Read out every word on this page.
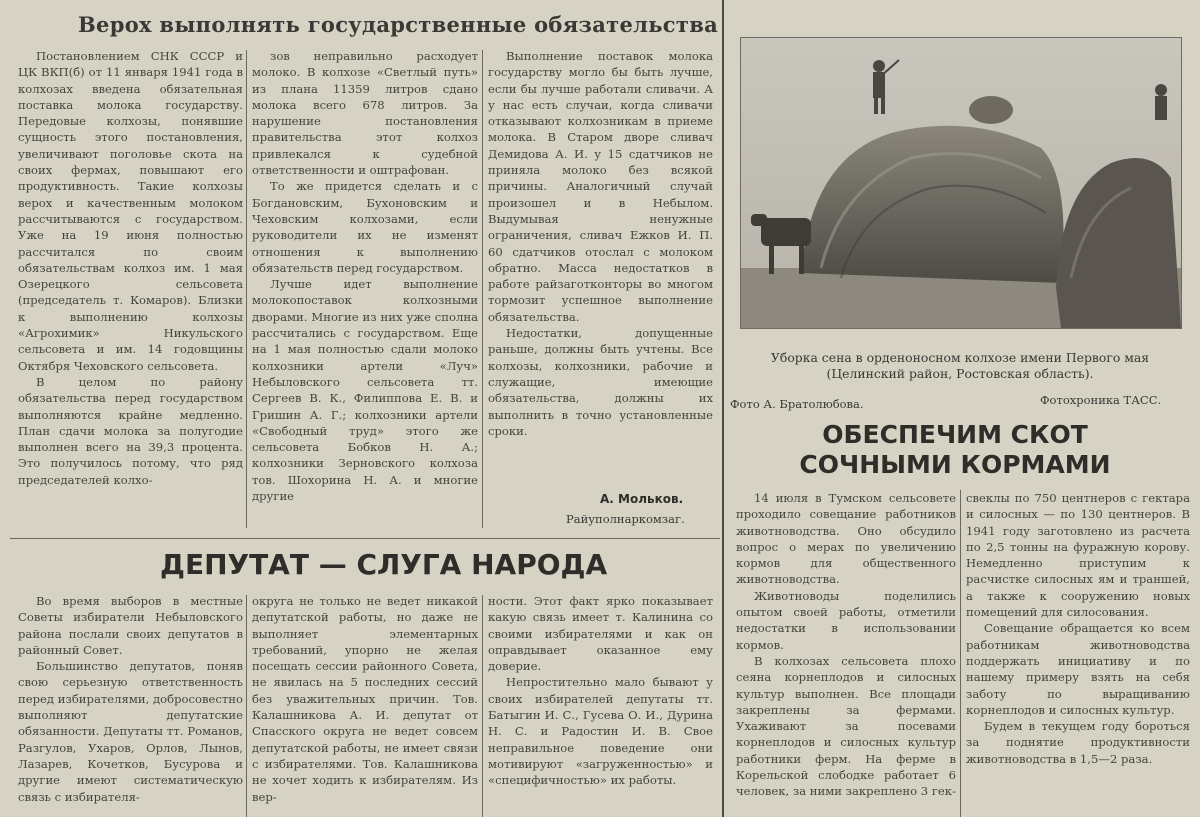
Верох выполнять государственные обязательства

Постановлением СНК СССР и ЦК ВКП(б) от 11 января 1941 года в колхозах введена обязательная поставка молока государству. Передовые колхозы, понявшие сущность этого постановления, увеличивают поголовье скота на своих фермах, повышают его продуктивность. Такие колхозы верох и качественным молоком рассчитываются с государством. Уже на 19 июня полностью рассчитался по своим обязательствам колхоз им. 1 мая Озерецкого сельсовета (председатель т. Комаров). Близки к выполнению колхозы «Агрохимик» Никульского сельсовета и им. 14 годовщины Октября Чеховского сельсовета.

В целом по району обязательства перед государством выполняются крайне медленно. План сдачи молока за полугодие выполнен всего на 39,3 процента. Это получилось потому, что ряд председателей колхо-

зов неправильно расходует молоко. В колхозе «Светлый путь» из плана 11359 литров сдано молока всего 678 литров. За нарушение постановления правительства этот колхоз привлекался к судебной ответственности и оштрафован.

То же придется сделать и с Богдановским, Бухоновским и Чеховским колхозами, если руководители их не изменят отношения к выполнению обязательств перед государством.

Лучше идет выполнение молокопоставок колхозными дворами. Многие из них уже сполна рассчитались с государством. Еще на 1 мая полностью сдали молоко колхозники артели «Луч» Небыловского сельсовета тт. Сергеев В. К., Филиппова Е. В. и Гришин А. Г.; колхозники артели «Свободный труд» этого же сельсовета Бобков Н. А.; колхозники Зерновского колхоза тов. Шохорина Н. А. и многие другие

Выполнение поставок молока государству могло бы быть лучше, если бы лучше работали сливачи. А у нас есть случаи, когда сливачи отказывают колхозникам в приеме молока. В Старом дворе сливач Демидова А. И. у 15 сдатчиков не приняла молоко без всякой причины. Аналогичный случай произошел и в Небылом. Выдумывая ненужные ограничения, сливач Ежков И. П. 60 сдатчиков отослал с молоком обратно. Масса недостатков в работе райзаготконторы во многом тормозит успешное выполнение обязательства.

Недостатки, допущенные раньше, должны быть учтены. Все колхозы, колхозники, рабочие и служащие, имеющие обязательства, должны их выполнить в точно установленные сроки.

А. Мольков.
Райуполнаркомзаг.
ДЕПУТАТ — СЛУГА НАРОДА

Во время выборов в местные Советы избиратели Небыловского района послали своих депутатов в районный Совет.

Большинство депутатов, поняв свою серьезную ответственность перед избирателями, добросовестно выполняют депутатские обязанности. Депутаты тт. Романов, Разгулов, Ухаров, Орлов, Лынов, Лазарев, Кочетков, Бусурова и другие имеют систематическую связь с избирателя-

округа не только не ведет никакой депутатской работы, но даже не выполняет элементарных требований, упорно не желая посещать сессии районного Совета, не явилась на 5 последних сессий без уважительных причин. Тов. Калашникова А. И. депутат от Спасского округа не ведет совсем депутатской работы, не имеет связи с избирателями. Тов. Калашникова не хочет ходить к избирателям. Из вер-

ности. Этот факт ярко показывает какую связь имеет т. Калинина со своими избирателями и как он оправдывает оказанное ему доверие.

Непростительно мало бывают у своих избирателей депутаты тт. Батыгин И. С., Гусева О. И., Дурина Н. С. и Радостин И. В. Свое неправильное поведение они мотивируют «загруженностью» и «специфичностью» их работы.

Уборка сена в орденоносном колхозе имени Первого мая (Целинский район, Ростовская область).
Фото А. Братолюбова.	Фотохроника ТАСС.
ОБЕСПЕЧИМ СКОТ
СОЧНЫМИ КОРМАМИ

14 июля в Тумском сельсовете проходило совещание работников животноводства. Оно обсудило вопрос о мерах по увеличению кормов для общественного животноводства.

Животноводы поделились опытом своей работы, отметили недостатки в использовании кормов.

В колхозах сельсовета плохо сеяна корнеплодов и силосных культур выполнен. Все площади закреплены за фермами. Ухаживают за посевами корнеплодов и силосных культур работники ферм. На ферме в Корельской слободке работает 6 человек, за ними закреплено 3 гек-

свеклы по 750 центнеров с гектара и силосных — по 130 центнеров. В 1941 году заготовлено из расчета по 2,5 тонны на фуражную корову. Немедленно приступим к расчистке силосных ям и траншей, а также к сооружению новых помещений для силосования.

Совещание обращается ко всем работникам животноводства поддержать инициативу и по нашему примеру взять на себя заботу по выращиванию корнеплодов и силосных культур.

Будем в текущем году бороться за поднятие продуктивности животноводства в 1,5—2 раза.
